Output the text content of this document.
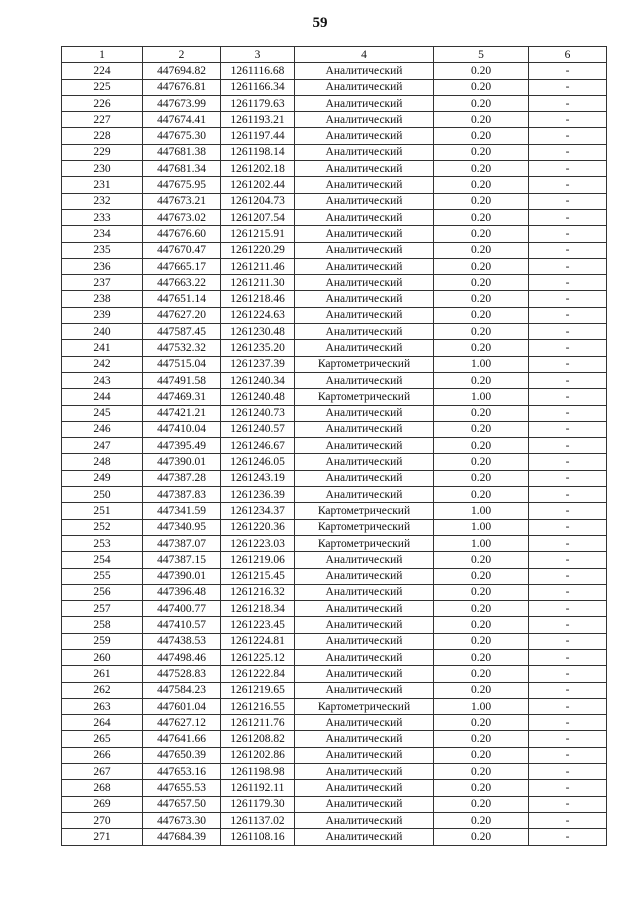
59
1	2	3	4	5	6
224	447694.82	1261116.68	Аналитический	0.20	-
225	447676.81	1261166.34	Аналитический	0.20	-
226	447673.99	1261179.63	Аналитический	0.20	-
227	447674.41	1261193.21	Аналитический	0.20	-
228	447675.30	1261197.44	Аналитический	0.20	-
229	447681.38	1261198.14	Аналитический	0.20	-
230	447681.34	1261202.18	Аналитический	0.20	-
231	447675.95	1261202.44	Аналитический	0.20	-
232	447673.21	1261204.73	Аналитический	0.20	-
233	447673.02	1261207.54	Аналитический	0.20	-
234	447676.60	1261215.91	Аналитический	0.20	-
235	447670.47	1261220.29	Аналитический	0.20	-
236	447665.17	1261211.46	Аналитический	0.20	-
237	447663.22	1261211.30	Аналитический	0.20	-
238	447651.14	1261218.46	Аналитический	0.20	-
239	447627.20	1261224.63	Аналитический	0.20	-
240	447587.45	1261230.48	Аналитический	0.20	-
241	447532.32	1261235.20	Аналитический	0.20	-
242	447515.04	1261237.39	Картометрический	1.00	-
243	447491.58	1261240.34	Аналитический	0.20	-
244	447469.31	1261240.48	Картометрический	1.00	-
245	447421.21	1261240.73	Аналитический	0.20	-
246	447410.04	1261240.57	Аналитический	0.20	-
247	447395.49	1261246.67	Аналитический	0.20	-
248	447390.01	1261246.05	Аналитический	0.20	-
249	447387.28	1261243.19	Аналитический	0.20	-
250	447387.83	1261236.39	Аналитический	0.20	-
251	447341.59	1261234.37	Картометрический	1.00	-
252	447340.95	1261220.36	Картометрический	1.00	-
253	447387.07	1261223.03	Картометрический	1.00	-
254	447387.15	1261219.06	Аналитический	0.20	-
255	447390.01	1261215.45	Аналитический	0.20	-
256	447396.48	1261216.32	Аналитический	0.20	-
257	447400.77	1261218.34	Аналитический	0.20	-
258	447410.57	1261223.45	Аналитический	0.20	-
259	447438.53	1261224.81	Аналитический	0.20	-
260	447498.46	1261225.12	Аналитический	0.20	-
261	447528.83	1261222.84	Аналитический	0.20	-
262	447584.23	1261219.65	Аналитический	0.20	-
263	447601.04	1261216.55	Картометрический	1.00	-
264	447627.12	1261211.76	Аналитический	0.20	-
265	447641.66	1261208.82	Аналитический	0.20	-
266	447650.39	1261202.86	Аналитический	0.20	-
267	447653.16	1261198.98	Аналитический	0.20	-
268	447655.53	1261192.11	Аналитический	0.20	-
269	447657.50	1261179.30	Аналитический	0.20	-
270	447673.30	1261137.02	Аналитический	0.20	-
271	447684.39	1261108.16	Аналитический	0.20	-
